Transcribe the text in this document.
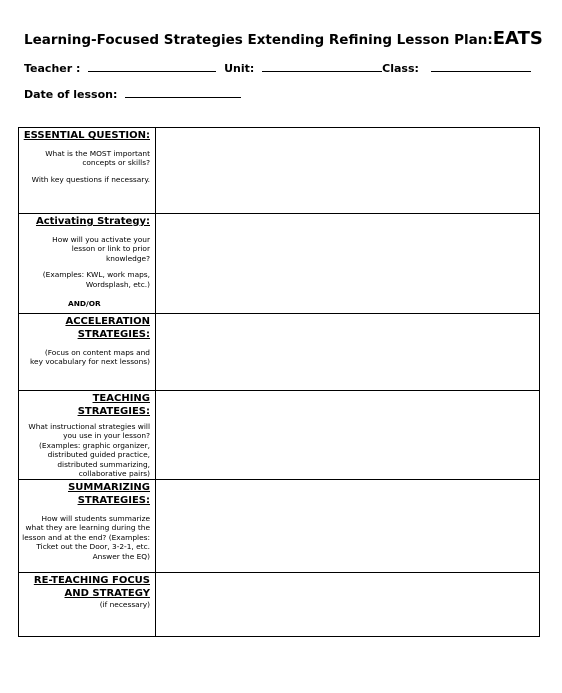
Learning-Focused Strategies Extending Refining Lesson Plan:EATS
Teacher :	Unit:	Class:
Date of lesson:
ESSENTIAL QUESTION:
What is the MOST important concepts or skills?
With key questions if necessary.	

Activating Strategy:
How will you activate your lesson or link to prior knowledge?
(Examples: KWL, work maps, Wordsplash, etc.)
AND/OR	

ACCELERATION STRATEGIES:
(Focus on content maps and key vocabulary for next lessons)	

TEACHING STRATEGIES:
What instructional strategies will you use in your lesson? (Examples: graphic organizer, distributed guided practice, distributed summarizing, collaborative pairs)	

SUMMARIZING STRATEGIES:
How will students summarize what they are learning during the lesson and at the end? (Examples: Ticket out the Door, 3-2-1, etc. Answer the EQ)	

RE-TEACHING FOCUS AND STRATEGY
(if necessary)	
